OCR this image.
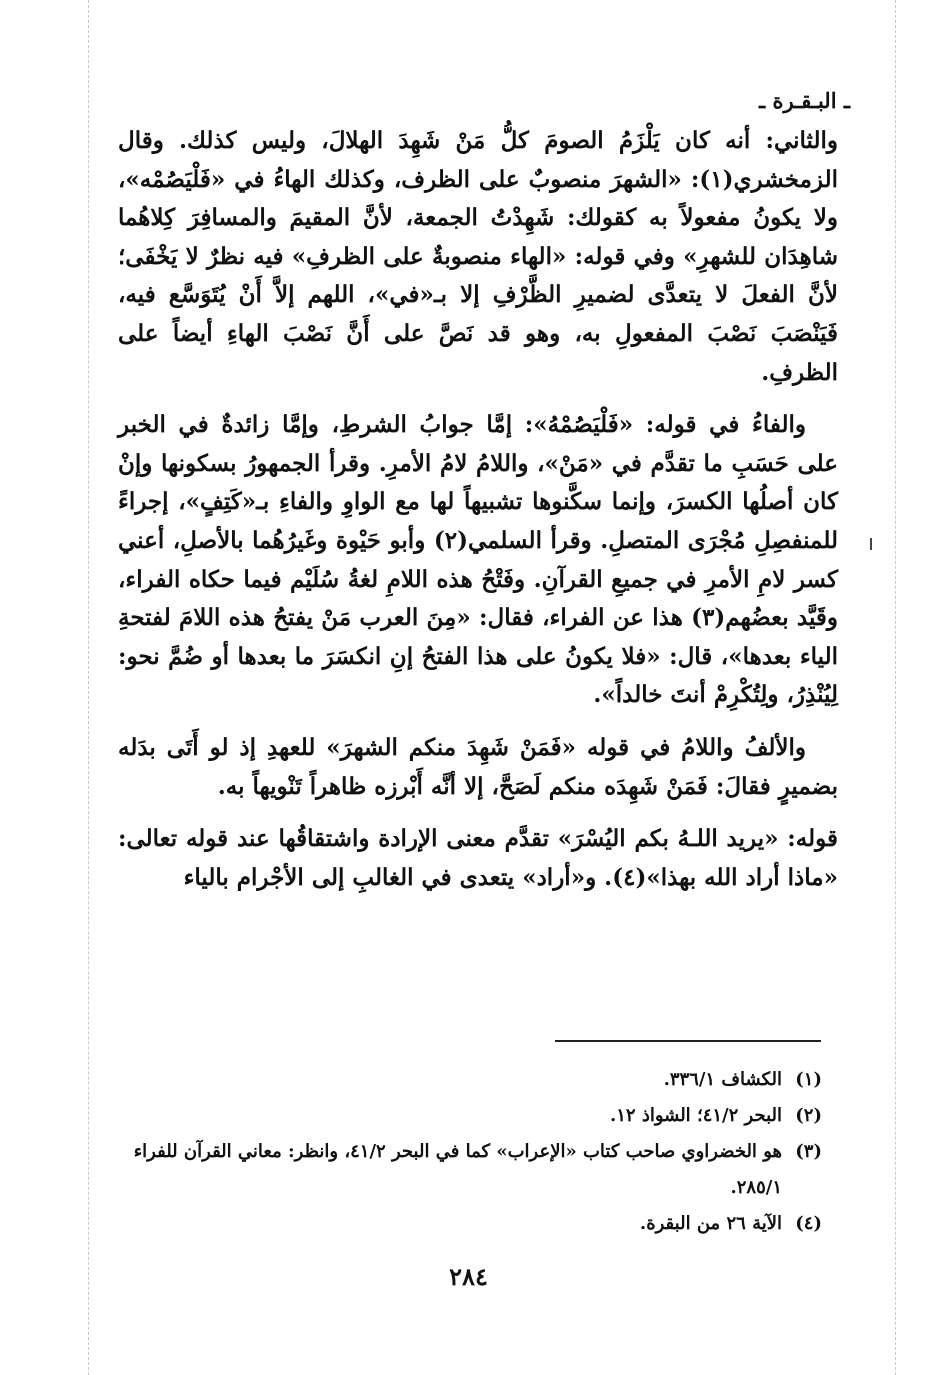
ـ البـقـرة ـ

والثاني: أنه كان يَلْزَمُ الصومَ كلُّ مَنْ شَهِدَ الهلالَ، وليس كذلك. وقال الزمخشري(١): «الشهرَ منصوبٌ على الظرف، وكذلك الهاءُ في «فَلْيَصُمْه»، ولا يكونُ مفعولاً به كقولك: شَهِدْتُ الجمعة، لأنَّ المقيمَ والمسافِرَ كِلاهُما شاهِدَان للشهرِ» وفي قوله: «الهاء منصوبةٌ على الظرفِ» فيه نظرٌ لا يَخْفَى؛ لأنَّ الفعلَ لا يتعدَّى لضميرِ الظَّرْفِ إلا بـ«في»، اللهم إلاَّ أَنْ يُتَوَسَّع فيه، فَيَنْصَبَ نَصْبَ المفعولِ به، وهو قد نَصَّ على أَنَّ نَصْبَ الهاءِ أيضاً على الظرفِ.

والفاءُ في قوله: «فَلْيَصُمْهُ»: إمَّا جوابُ الشرطِ، وإمَّا زائدةٌ في الخبر على حَسَبِ ما تقدَّم في «مَنْ»، واللامُ لامُ الأمرِ. وقرأ الجمهورُ بسكونها وإنْ كان أصلُها الكسرَ، وإنما سكَّنوها تشبيهاً لها مع الواوِ والفاءِ بـ«كَتِفٍ»، إجراءً للمنفصِلِ مُجْرَى المتصلِ. وقرأ السلمي(٢) وأبو حَيْوة وغَيرُهُما بالأصلِ، أعني كسر لامِ الأمرِ في جميعِ القرآنِ. وفَتْحُ هذه اللامِ لغةُ سُلَيْم فيما حكاه الفراء، وقَيَّد بعضُهم(٣) هذا عن الفراء، فقال: «مِنَ العرب مَنْ يفتحُ هذه اللامَ لفتحةِ الياء بعدها»، قال: «فلا يكونُ على هذا الفتحُ إنِ انكسَرَ ما بعدها أو ضُمَّ نحو: لِيُنْذِرُ، ولِتُكْرِمْ أنتَ خالداً».

والألفُ واللامُ في قوله «فَمَنْ شَهِدَ منكم الشهرَ» للعهدِ إذ لو أَتَى بدَله بضميرٍ فقالَ: فَمَنْ شَهِدَه منكم لَصَحَّ، إلا أنَّه أَبْرزه ظاهراً تَنْويهاً به.

قوله: «يريد اللـهُ بكم اليُسْرَ» تقدَّم معنى الإرادة واشتقاقُها عند قوله تعالى: «ماذا أراد الله بهذا»(٤). و«أراد» يتعدى في الغالبِ إلى الأجْرام بالياء

(١)
الكشاف ٣٣٦/١.
(٢)
البحر ٤١/٢؛ الشواذ ١٢.
(٣)
هو الخضراوي صاحب كتاب «الإعراب» كما في البحر ٤١/٢، وانظر: معاني القرآن للفراء ٢٨٥/١.
(٤)
الآية ٢٦ من البقرة.
٢٨٤
